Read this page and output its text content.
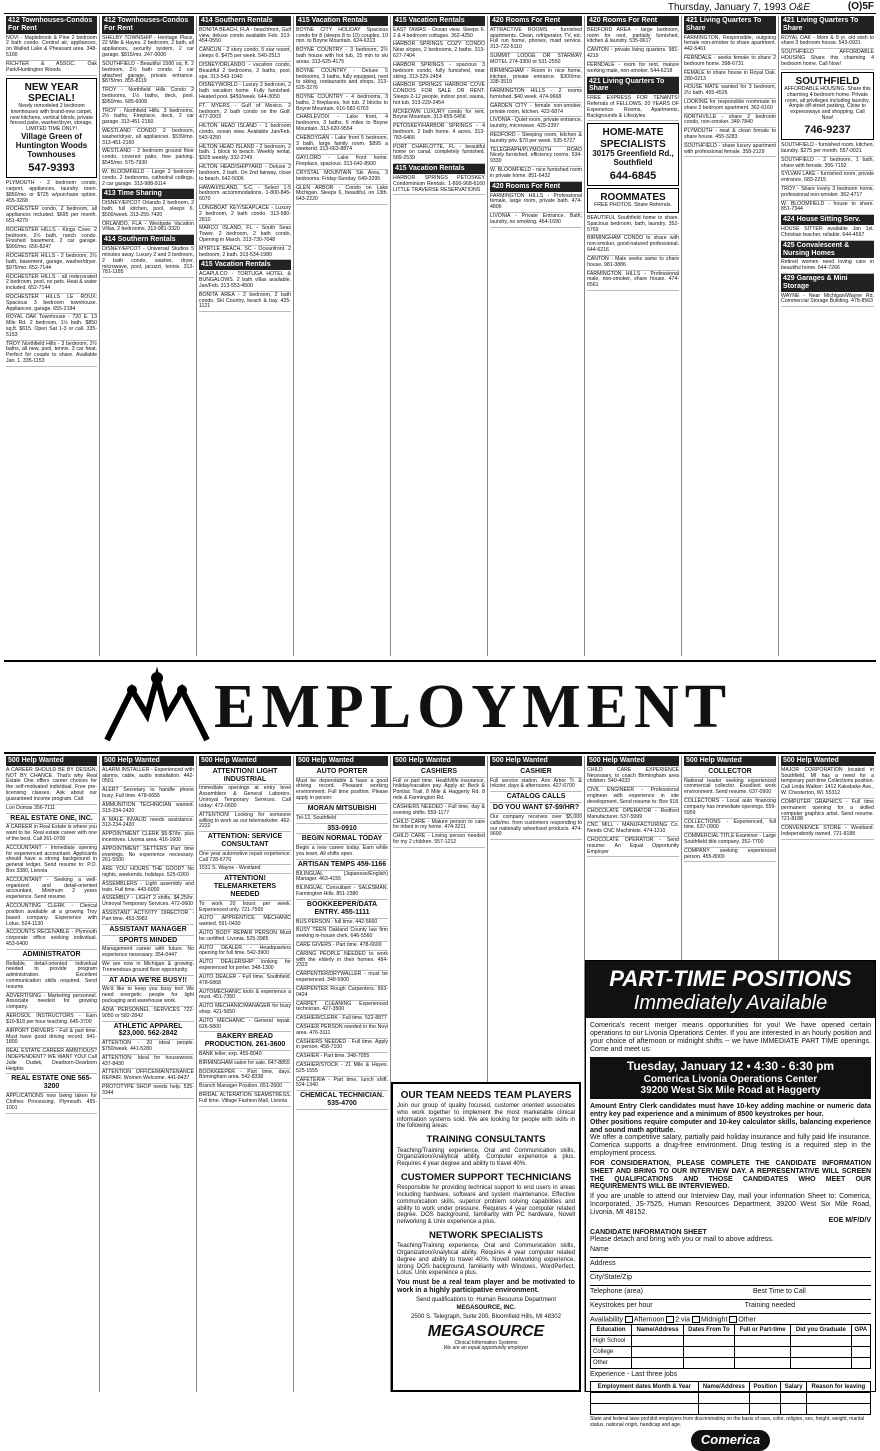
Thursday, January 7, 1993 O&E	(O)5F
412 Townhouses-Condos For Rent
NOVI - Maplebrook & Pine 2 bedroom 2 bath condo. Central air, appliances, on Walled Lake & Pheasant area. 348-5100
RICHTER & ASSOC. Oak Park/Huntington Woods
NEW YEAR SPECIAL!
Newly remodeled 2 bedroom townhouses with brand-new carpet, new kitchens, vertical blinds, private fenced patio, washer/dryer, storage. LIMITED TIME ONLY!
Village Green of Huntington Woods Townhouses
547-9393
PLYMOUTH - 2 bedroom condo, carport, appliances, laundry room. $850/mo or $725 w/purchase option. 455-3268
ROCHESTER condo, 2 bedroom, all appliances included. $695 per month. 651-4279
ROCHESTER HILLS - Kings Cove. 2 bedroom, 2½ bath, ranch condo. Finished basement, 2 car garage. $900/mo. 656-8247
ROCHESTER HILLS - 2 bedroom, 2½ bath, basement, garage, washer/dryer. $975/mo. 652-7144
ROCHESTER HILLS - all redecorated 2 bedroom, pool, no pets. Heat & water included. 652-7144
ROCHESTER HILLS LE ROUX: Spacious 3 bedroom townhouse. Appliances, garage. 655-2184
ROYAL OAK Townhouse - 720 E. 13 Mile Rd. 2 bedroom, 1½ bath. $850 sq.ft. $615. Open Sat 1-3 or call. 335-5153
TROY Northfield Hills - 3 bedroom, 2½ baths, all new, pool, tennis. 3 car heat. Perfect for couple to share. Available Jan. 1. 335-1153
412 Townhouses-Condos For Rent
SHELBY TOWNSHIP - Heritage Place, 22 Mile & Hayes. 2 bedroom, 2 bath, all appliances, security system, 2 car garage. $815/mo. 247-0006
SOUTHFIELD - Beautiful 1500 sq. ft. 2 bedroom, 2½ bath condo. 2 car attached garage, private entrance. $875/mo. 855-8119
TROY - Northfield Hills Condo 2 bedrooms, 1½ baths, deck, pool. $950/mo. 685-6008
TROY - Northfield Hills. 3 bedrooms, 2½ baths, Fireplace, deck, 2 car garage. 313-451-2160
WESTLAND CONDO 2 bedroom, washer/dryer, all appliances. $539/mo. 313-451-2160
WESTLAND - 2 bedroom ground floor condo, covered patio, free parking. $545/mo. 575-7930
W. BLOOMFIELD - Large 2 bedroom condo, 2 bedrooms, cathedral ceilings, 2 car garage. 313-988-9114
413 Time Sharing
DISNEY/EPCOT Orlando 2 bedroom, 2 bath, full kitchen, pool, sleeps 6. $500/week. 313-255-7420
ORLANDO, FLA - Westgate Vacation Villas, 2 bedrooms. 313-981-3320
414 Southern Rentals
DISNEY/EPCOT - Universal Studios 5 minutes away. Luxury 2 and 3 bedroom, 2 bath condo, washer, dryer, microwave, pool, jacuzzi, tennis. 313-781-1185
414 Southern Rentals
BONITA BEACH, FLA - beachfront, Gulf view, deluxe condo available Feb. 313-454-0550
CANCUN - 2 story condo, 5 star resort, sleeps 6. $475 per week. 540-2513
DISNEY/ORLANDO - vacation condo, Beautiful 2 bedrooms, 2 baths, pool, spa. 313-543-1040
DISNEYWORLD - Luxury 2 bedroom, 2 bath vacation home. Fully furnished. Heated pool. $450/week. 644-3050
FT. MYERS - Gulf of Mexico. 2 bedroom, 2 bath condo on the Gulf. 477-2003
HILTON HEAD ISLAND - 1 bedroom condo, ocean view. Available Jan/Feb. 543-9250
HILTON HEAD ISLAND - 2 bedroom, 2 bath. 1 block to beach. Weekly rental, $325 weekly. 332-2749
HILTON HEAD/SHIPYARD - Deluxe 2 bedroom, 2 bath. On 2nd fairway, close to beach. 642-5006
HAWAII/ISLAND, S.C. - Select 1-5 bedroom accommodations. 1-800-845-6070
LONGBOAT KEY/SEAPLACE - Luxury 2 bedroom, 2 bath condo. 313-680-2810
MARCO ISLAND, FL - South Seas Tower. 2 bedroom, 2 bath condo, Opening in March. 313-730-7048
MYRTLE BEACH, SC - Oceanfront. 2 bedroom, 2 bath. 313-534-1980
415 Vacation Rentals
ACAPULCO - TORTUGA HOTEL & BUNGALOWS. 2 bath villas available, Jan/Feb. 313-553-4500
BONITA AREA - 2 bedroom, 2 bath condo. Ski Country, beach & bay. 425-1121
415 Vacation Rentals
BOYNE CITY HOLIDAY Spacious condo for 8 (sleeps 8 to 10) couples, 10 min. to Boyne Mountain. 624-6313
BOYNE COUNTRY - 3 bedroom, 2½ bath house with hot tub, 15 min to ski areas. 313-625-4175
BOYNE COUNTRY - Deluxe 5 bedrooms, 3 baths, fully equipped, next to skiing, restaurants and shops. 313-525-3276
BOYNE COUNTRY - 4 bedrooms, 3 baths, 2 fireplaces, hot tub. 2 blocks to Boyne Mountain. 616-582-6763
CHARLEVOIX - Lake front, 4 bedrooms, 3 baths. 6 miles to Boyne Mountain. 313-620-9554
CHEBOYGAN - Lake front 5 bedroom, 3 bath, large family room. $895 a weekend. 313-663-8874
GAYLORD - Lake front home. Fireplace, spacious. 313-642-8900
CRYSTAL MOUNTAIN Ski Area, 3 bedrooms. Friday-Sunday. 649-3295
GLEN ARBOR - Condo on Lake Michigan. Sleeps 6, beautiful, on 13th. 643-2220
415 Vacation Rentals
EAST TAWAS - Ocean view. Sleeps 6. 2 & 4 bedroom cottages. 362-4250
HARBOR SPRINGS COZY CONDO Near slopes, 2 bedrooms, 2 baths. 313-627-7404
HARBOR SPRINGS - spacious 3 bedroom condo, fully furnished, near skiing. 313-229-2454
HARBOR SPRINGS HARBOR COVE CONDOS FOR SALE OR RENT. Sleeps 2-12 people, indoor pool, sauna, hot tub. 313-229-2454
MCKEOWN LUXURY condo for rent, Boyne Mountain. 313-855-5456
PETOSKEY/HARBOR SPRINGS - 4 bedroom, 2 bath home. 4 acres. 313-783-6466
PORT CHARLOTTE, FL - beautiful home on canal, completely furnished. 589-2539
415 Vacation Rentals
HARBOR SPRINGS PETOSKEY Condominium Rentals. 1-800-968-6160 LITTLE TRAVERSE RESERVATIONS
420 Rooms For Rent
ATTRACTIVE ROOMS - furnished apartments. Clean, refrigerator, TV, etc. Full run home, phones, maid service. 313-722-5110
SUMMIT LODGE OR STARWAY MOTEL 274-3300 or 531-2550
BIRMINGHAM - Room in nice home, kitchen, private entrance. $300/mo. 338-3519
FARMINGTON HILLS - 2 rooms furnished. $40 week. 474-9668
GARDEN CITY - female non-smoker, private room, kitchen. 422-6874
LIVONIA - Quiet room, private entrance, laundry, microwave. 425-2397
REDFORD - Sleeping room, kitchen & laundry priv. $70 per week. 535-5727
TELEGRAPH/PLYMOUTH ROAD Nicely furnished, efficiency rooms. 534-9330
W. BLOOMFIELD - nice furnished room in private home. 851-6432
420 Rooms For Rent
FARMINGTON HILLS - Professional female, large room, private bath. 474-4806
LIVONIA - Private Entrance. Bath, laundry, no smoking. 464-1690
420 Rooms For Rent
BEDFORD AREA - large bedroom, room for rent, partially furnished, kitchen & laundry. 535-0617
CANTON - private living quarters. 981-4219
FERNDALE - room for rent, mature working male, non-smoker. 544-6218
421 Living Quarters To Share
FREE EXPRESS FOR TENANTS! Referrals of FELLOWS, 20 YEARS OF Experience. Rooms, Apartments, Backgrounds & Lifestyles
HOME-MATE SPECIALISTS
30175 Greenfield Rd., Southfield
644-6845
ROOMMATES
FREE PHOTOS. Share Referrals.
BEAUTIFUL Southfield home to share. Spacious bedroom, bath, laundry. 352-5769
BIRMINGHAM CONDO to share with non-smoker, good-natured professional. 644-6216
CANTON - Male seeks same to share house. 981-3886
FARMINGTON HILLS - Professional male, non-smoker, share house. 474-6561
421 Living Quarters To Share
FARMINGTON, Responsible, outgoing female non-smoker to share apartment. 442-5461
FERNDALE - seeks female to share 2 bedroom home. 398-6731
FEMALE to share house in Royal Oak. 280-0213
HOUSE MATE wanted for 3 bedroom, 2½ bath. 455-4526
LOOKING for responsible roommate to share 3 bedroom apartment. 362-6160
NORTHVILLE - share 2 bedroom condo, non-smoker. 349-7840
PLYMOUTH - neat & clean female to share house. 455-3283
SOUTHFIELD - share luxury apartment with professional female. 358-2129
421 Living Quarters To Share
ROYAL OAK - Mom & 8 yr. old wish to share 3 bedroom house. 543-0931
SOUTHFIELD AFFORDABLE HOUSING Share this charming 4 bedroom home. Call Now!
SOUTHFIELD
AFFORDABLE HOUSING. Share this charming 4 bedroom home. Private room, all privileges including laundry. Ample off-street parking. Close to expressways and shopping. Call Now!
746-9237
SOUTHFIELD - furnished room, kitchen, laundry. $275 per month. 557-0021
SOUTHFIELD - 2 bedroom, 1 bath, share with female. 356-7192
SYLVAN LAKE - furnished room, private entrance. 683-2215
TROY - Share lovely 3 bedroom home, professional non-smoker. 362-4717
W. BLOOMFIELD - house to share. 851-7344
424 House Sitting Serv.
HOUSE SITTER available Jan 1st. Christian teacher, reliable. 644-4567
425 Convalescent & Nursing Homes
Retired women need loving care in beautiful home. 644-7266
429 Garages & Mini Storage
WAYNE - Near Michigan/Wayne Rd. Commercial Storage Building. 478-8563
EMPLOYMENT
500 Help Wanted
A CAREER SHOULD BE BY DESIGN, NOT BY CHANCE. That's why Real Estate One offers career choices for the self-motivated individual. Free pre-licensing classes. Ask about our guaranteed income program. Call:
Lori Dumas 356-7111
REAL ESTATE ONE, INC.
A CAREER in Real Estate is where you want to be. Real estate career with one of the best. Call 261-0700
ACCOUNTANT - Immediate opening for experienced accountant. Applicants should have a strong background in general ledger. Send resume to: P.O. Box 3380, Livonia
ACCOUNTANT - Seeking a well-organized and detail-oriented accountant. Minimum 2 years experience. Send resume.
ACCOUNTING CLERK - Clerical position available at a growing Troy based company. Experience with Lotus. 524-1130
ACCOUNTS RECEIVABLE - Plymouth corporate office seeking individual. 453-6400
ADMINISTRATOR
Reliable, detail-oriented individual needed to provide program administration. Excellent communication skills required. Send resume.
ADVERTISING - Marketing personnel. Associate needed for growing company.
AEROSOL INSTRUCTORS - Earn $10-$18 per hour teaching. 645-3700
AIRPORT DRIVERS - Full & part time. Must have good driving record. 941-1800
REAL ESTATE CAREER AMBITIOUS? INDEPENDENT? WE WANT YOU! Call Julie Dudek, Dearborn-Dearborn Heights
REAL ESTATE ONE 565-3200
APPLICATIONS now being taken for Clothes Processing. Plymouth. 455-1001
500 Help Wanted
ALARM INSTALLER - Experienced with alarms, cable, audio installation. 442-0501
ALERT Secretary to handle phone busy. Full time. 478-6655
AMMUNITION TECHNICIAN wanted. 313-234-2420
A MALE INVALID needs assistance. 313-234-2420
APPOINTMENT CLERK $5-$7/hr. plus incentives. Livonia area. 416-1600
APPOINTMENT SETTERS Part time evenings. No experience necessary. 261-5500
ARE YOU HOURS THE GOOD? No nights, weekends, holidays. 525-0260
ASSEMBLERS - Light assembly and train. Full time. 443-6000
ASSEMBLY - LIGHT 2 shifts. $4.25/hr. Uniroyal Temporary Services. 472-0600
ASSISTANT ACTIVITY DIRECTOR - Part time. 453-3983
ASSISTANT MANAGER
SPORTS MINDED
Management career with future. No experience necessary. 354-0447
We are now in Michigan & growing. Tremendous ground floor opportunity.
AT ADIA WE'RE BUSY!!
We'd like to keep you busy too! We need energetic people for light packaging and warehouse work.
ADIA PERSONNEL SERVICES 722-9050 or 582-2842
ATHLETIC APPAREL $23,000. 562-2842
ATTENTION - 20 ideal people. $750/week. 441-5280
ATTENTION: Ideal for housewives. 437-8430
ATTENTION OFFICE/MAINTENANCE REPAIR. Women Welcome. 441-8437
PROTOTYPE SHOP needs help. 535-3344
500 Help Wanted
ATTENTION! LIGHT INDUSTRIAL
Immediate openings at entry level Assemblers & General Laborers. Uniroyal Temporary Services. Call today: 472-0600
ATTENTION! Looking for someone willing to work as our telemarketer. 462-2222
ATTENTION: SERVICE CONSULTANT
One year automotive repair experience. Call 728-6770
1531 S. Wayne - Westland
ATTENTION! TELEMARKETERS NEEDED
To work 20 hours per week. Experienced only. 721-7565
AUTO APPRENTICE MECHANIC wanted. 591-0430
AUTO BODY REPAIR PERSON Must be certified. Livonia. 525-3985
AUTO DEALER - Headquarters opening for full time. 542-3900
AUTO DEALERSHIP looking for experienced lot porter. 348-1300
AUTO DEALER - Full time. Southfield. 478-6868
AUTOMECHANIC tools & experience a must. 451-7350
AUTO MECHANIC/MANAGER for busy shop. 421-5650
AUTO MECHANIC - General repair. 626-5800
BAKERY BREAD PRODUCTION. 261-3600
BANK teller, exp. 455-8040
BIRMINGHAM salon for sale. 647-8855
BOOKKEEPER - Part time, days. Birmingham area. 542-8338
Branch Manager Position. 651-2600
BRIDAL ALTERATION SEAMSTRESS. Full time. Village Fashion Mall, Livonia
500 Help Wanted
AUTO PORTER
Must be dependable & have a good driving record. Pleasant working environment. Full time position. Please apply in person:
MORAN MITSUBISHI
Tel-12, Southfield
353-0910
BEGIN NORMAL TODAY
Begin a new career today. Earn while you learn. All shifts open.
ARTISAN TEMPS 459-1166
BILINGUAL (Japanese/English) Manager. 463-4155
BILINGUAL Consultant - SALESMAN. Farmington Hills. 851-2380
BOOKKEEPER/DATA ENTRY. 455-1111
BUS PERSON - full time. 442-5660
BUSY TEEN Oakland County law firm seeking in-house clerk. 646-5560
CARE GIVERS - Part time. 478-6600
CARING PEOPLE NEEDED to work with the elderly in their homes. 484-2323
CARPENTER/DRYWALLER - must be experienced. 348-5900
CARPENTER Rough Carpenters. 563-0424
CARPET CLEANING Experienced technician. 427-3500
CASHIER/CLERK - Full time. 522-8877
CASHIER PERSON needed in the Novi area. 476-3111
CASHIERS NEEDED - Full time. Apply in person. 458-7100
CASHIER - Part time. 348-7055
CASHIER/STOCK - 21 Mile & Hayes. 525-1555
CAFETERIA - Part time, lunch shift. 524-1340
CHEMICAL TECHNICIAN. 535-4700
500 Help Wanted
CASHIERS
Full or part time. Health/life insurance, holiday/vacation pay. Apply at: Beck & Pontiac Trail, 8 Mile & Haggerty Rd. 8 mile & Farmington Rd.
CASHIERS NEEDED - Full time, day & evening shifts. 559-1177
CHILD CARE - Mature person to care for infant in my home. 474-3211
CHILD CARE - Loving person needed for my 2 children. 557-1212
500 Help Wanted
CASHIER
Full service station, Ann Arbor Tr. & Inkster, days & afternoons. 427-6700
CATALOG CALLS
DO YOU WANT $7-$9/HR?
Our company receives over $5,000 calls/mo. from customers responding to our nationally advertised products. 474-9600
500 Help Wanted
CHILD CARE EXPERIENCE Necessary, to coach Birmingham area children. 540-4033
CIVIL ENGINEER - Professional engineer with experience in site development. Send resume to: Box 918
CHOCOLATE OPERATOR - Redford Manufacturer. 537-5999
CNC MILL - MANUFACTURING Co. Needs CNC Machinists. 474-1210
CHOCOLATE OPERATOR - Send resume: An Equal Opportunity Employer
500 Help Wanted
COLLECTOR
National leader seeking experienced commercial collector. Excellent work environment. Send resume. 637-0900
COLLECTORS - Local auto financing company has immediate openings. 559-5959
COLLECTIONS - Experienced, full time. 637-0900
COMMERCIAL TITLE Examiner - Large Southfield title company. 352-7700
COMPANY seeking experienced person. 455-8000
500 Help Wanted
MAJOR CORPORATION located in Southfield, MI has a need for a temporary part-time Collections position. Call Linda Walker: 1412 Kakabake Ave., W. Chesterton, Wl. 55312
COMPUTER GRAPHICS - Full time permanent opening for a skilled computer graphics artist. Send resume. 721-8188
CONVENIENCE STORE - Westland. Independently owned. 721-8188
OUR TEAM NEEDS TEAM PLAYERS

Join our group of quality focused, customer oriented associates who work together to implement the most marketable clinical information systems sold. We are looking for people with skills in the following areas:

TRAINING CONSULTANTS

Teaching/Training experience, Oral and Communication skills, Organization/Analytical ability. Computer experience a plus. Requires 4 year degree and ability to travel 40%.

CUSTOMER SUPPORT TECHNICIANS

Responsible for providing technical support to end users in areas including hardware, software and system maintenance. Effective communication skills, superior problem solving capabilities and ability to work under pressure. Requires 4 year computer related degree. DOS background, familiarity with PC hardware, Novell networking & Unix experience a plus.

NETWORK SPECIALISTS

Teaching/Training experience, Oral and Communication skills, Organization/Analytical ability. Requires 4 year computer related degree and ability to travel 40%. Novell networking experience, strong DOS background, familiarity with Windows, WordPerfect, Lotus. Unix experience a plus.

You must be a real team player and be motivated to work in a highly participative environment.

Send qualifications to: Human Resource Department

MEGASOURCE, INC.

2500 S. Telegraph, Suite 200, Bloomfield Hills, MI 48302

MEGASOURCE
Clinical Information Systems
We are an equal opportunity employer
PART-TIME POSITIONS
Immediately Available
Comerica's recent merger means opportunities for you! We have opened certain operations to our Livonia Operations Center. If you are interested in an hourly position and your choice of afternoon or midnight shifts -- we have IMMEDIATE PART TIME openings. Come and meet us:
Tuesday, January 12 • 4:30 - 6:30 pm
Comerica Livonia Operations Center
39200 West Six Mile Road at Haggerty
Amount Entry Clerk candidates must have 10-key adding machine or numeric data entry key pad experience and a minimum of 8500 keystrokes per hour.
Other positions require computer and 10-key calculator skills, balancing experience and sound math aptitude.
We offer a competitive salary, partially paid holiday insurance and fully paid life insurance. Comerica supports a drug-free environment. Drug testing is a required step in the employment process.
FOR CONSIDERATION, PLEASE COMPLETE THE CANDIDATE INFORMATION SHEET AND BRING TO OUR INTERVIEW DAY. A REPRESENTATIVE WILL SCREEN THE QUALIFICATIONS AND THOSE CANDIDATES WHO MEET OUR REQUIREMENTS WILL BE INTERVIEWED.
If you are unable to attend our Interview Day, mail your information Sheet to: Comerica, Incorporated, JS-7525, Human Resources Department, 39200 West Six Mile Road, Livonia, MI 48152.
EOE M/F/D/V
CANDIDATE INFORMATION SHEET
Please detach and bring with you or mail to above address.
Name
Address
City/State/Zip
Telephone (area)	Best Time to Call
Keystrokes per hour	Training needed
Availability Afternoon 2 via Midnight Other
Education	Name/Address	Dates From To	Full or Part-time	Did you Graduate	GPA
High School					
College					
Other					
Experience - Last three jobs
Employment dates Month & Year	Name/Address	Position	Salary	Reason for leaving

State and federal laws prohibit employers from discriminating on the basis of race, color, religion, sex, height, weight, marital status, national origin, handicap and age.
Comerica
